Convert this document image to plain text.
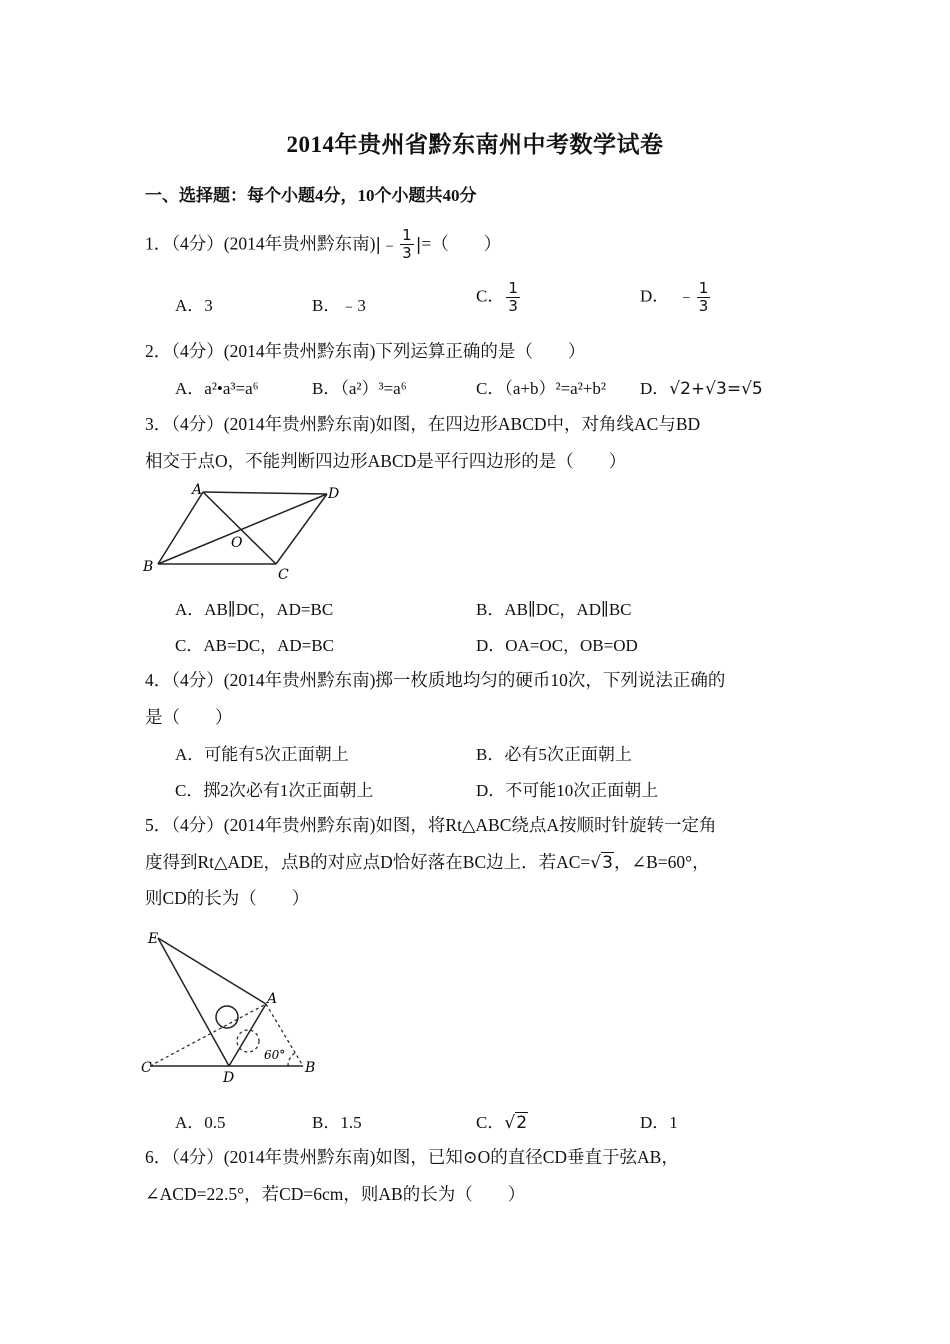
2014年贵州省黔东南州中考数学试卷
一、选择题：每个小题4分，10个小题共40分
1．（4分）(2014年贵州黔东南)|﹣ $\frac{1}{3}$ |=（　　）
A．3	B．﹣3
C． $\frac{1}{3}$	D． ﹣ $\frac{1}{3}$
2．（4分）(2014年贵州黔东南)下列运算正确的是（　　）
A．a²•a³=a⁶	B．（a²）³=a⁶	C．（a+b）²=a²+b² D．√2+√3=√5
3．（4分）(2014年贵州黔东南)如图，在四边形ABCD中，对角线AC与BD
相交于点O，不能判断四边形ABCD是平行四边形的是（　　）
A	D
B	C
O
A．AB∥DC，AD=BC	B．AB∥DC，AD∥BC
C．AB=DC，AD=BC	D．OA=OC，OB=OD
4．（4分）(2014年贵州黔东南)掷一枚质地均匀的硬币10次，下列说法正确的
是（　　）
A．可能有5次正面朝上	B．必有5次正面朝上
C．掷2次必有1次正面朝上	D．不可能10次正面朝上
5．（4分）(2014年贵州黔东南)如图，将Rt△ABC绕点A按顺时针旋转一定角
度得到Rt△ADE，点B的对应点D恰好落在BC边上．若AC=√3，∠B=60°，
则CD的长为（　　）
E
A
C
D
B
60°
A．0.5	B．1.5	C．√2	D．1
6．（4分）(2014年贵州黔东南)如图，已知⊙O的直径CD垂直于弦AB，
∠ACD=22.5°，若CD=6cm，则AB的长为（　　）
